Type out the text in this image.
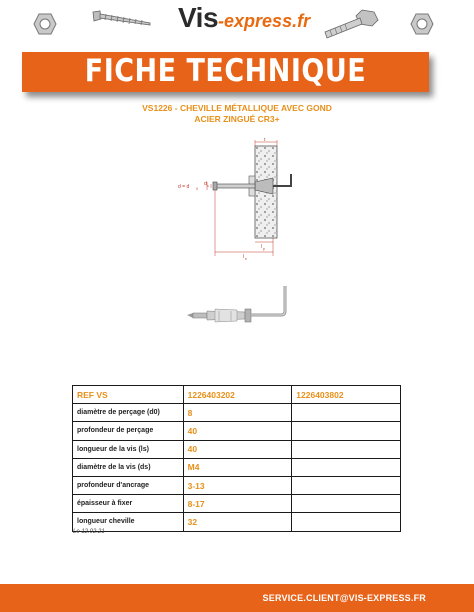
Vis-express.fr
FICHE TECHNIQUE
VS1226 - CHEVILLE MÉTALLIQUE AVEC GOND
ACIER ZINGUÉ CR3+
t
d = d 0
d s
l p
l s
REF VS	1226403202	1226403802
diamètre de perçage (d0)	8	
profondeur de perçage	40	
longueur de la vis (ls)	40	
diamètre de la vis (ds)	M4	
profondeur d'ancrage	3-13	
épaisseur à fixer	8-17	
longueur cheville	32	
Le 12.02.21
SERVICE.CLIENT@VIS-EXPRESS.FR
